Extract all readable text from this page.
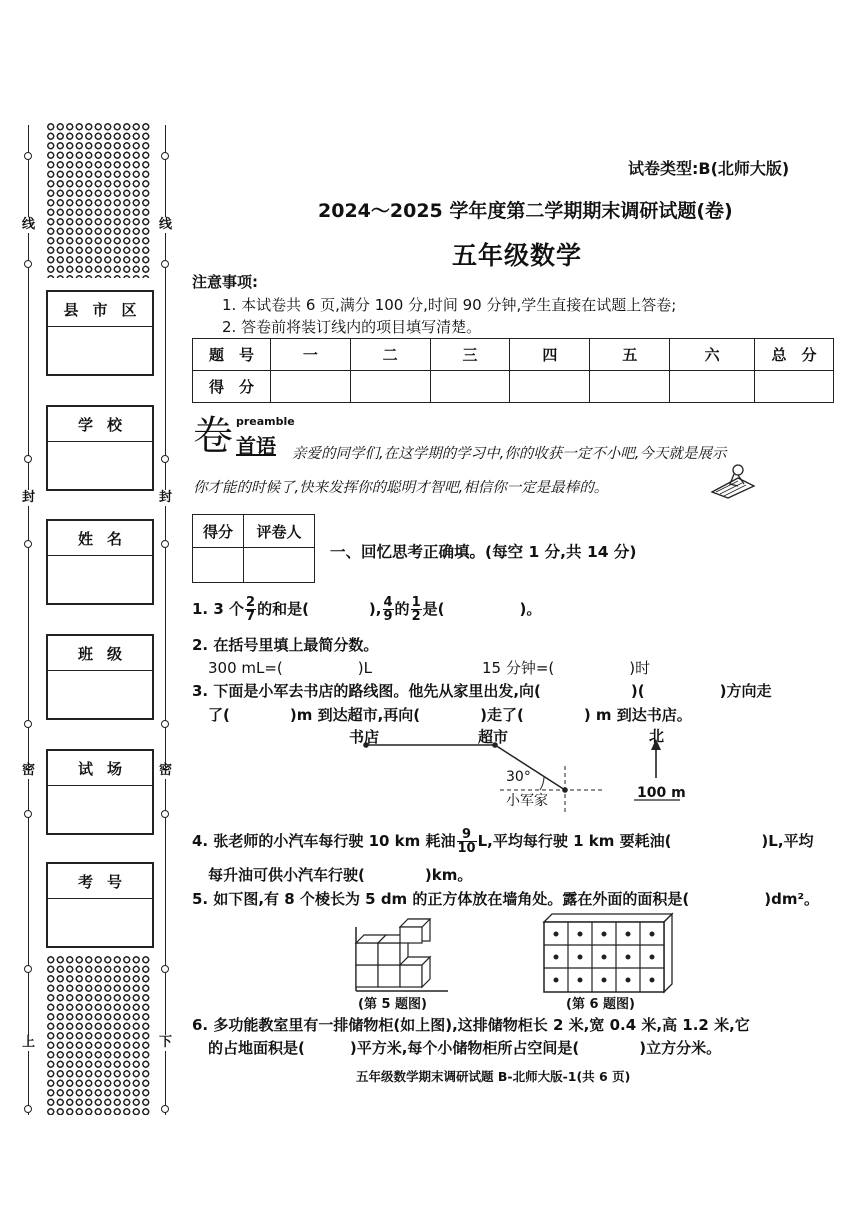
线
封
密
上
线
封
密
下
县市区
学校
姓名
班级
试场
考号
试卷类型:B(北师大版)
2024～2025 学年度第二学期期末调研试题(卷)
五年级数学
注意事项:
1. 本试卷共 6 页,满分 100 分,时间 90 分钟,学生直接在试题上答卷;
2. 答卷前将装订线内的项目填写清楚。
题　号	一	二	三	四	五	六	总　分
得　分							
卷 preamble
首语 亲爱的同学们,在这学期的学习中,你的收获一定不小吧,今天就是展示
你才能的时候了,快来发挥你的聪明才智吧,相信你一定是最棒的。
得分	评卷人

一、回忆思考正确填。(每空 1 分,共 14 分)
1. 3 个 $\frac{2}{7}$ 的和是(　　　　), $\frac{4}{9}$ 的 $\frac{1}{2}$ 是(　　　　　)。
2. 在括号里填上最简分数。
300 mL=(　　　　　)L	15 分钟=(　　　　　)时
3. 下面是小军去书店的路线图。他先从家里出发,向(　　　　　　)(　　　　　)方向走
了(　　　　)m 到达超市,再向(　　　　)走了(　　　　) m 到达书店。
书店	超市	北
30°
小军家	100 m
4. 张老师的小汽车每行驶 10 km 耗油 $\frac{9}{10} L$,平均每行驶 1 km 要耗油(　　　　　　)L,平均
每升油可供小汽车行驶(　　　　)km。
5. 如下图,有 8 个棱长为 5 dm 的正方体放在墙角处。露在外面的面积是(　　　　　)dm²。
(第 5 题图)	(第 6 题图)
6. 多功能教室里有一排储物柜(如上图),这排储物柜长 2 米,宽 0.4 米,高 1.2 米,它
的占地面积是(　　　)平方米,每个小储物柜所占空间是(　　　　)立方分米。
五年级数学期末调研试题 B-北师大版-1(共 6 页)
